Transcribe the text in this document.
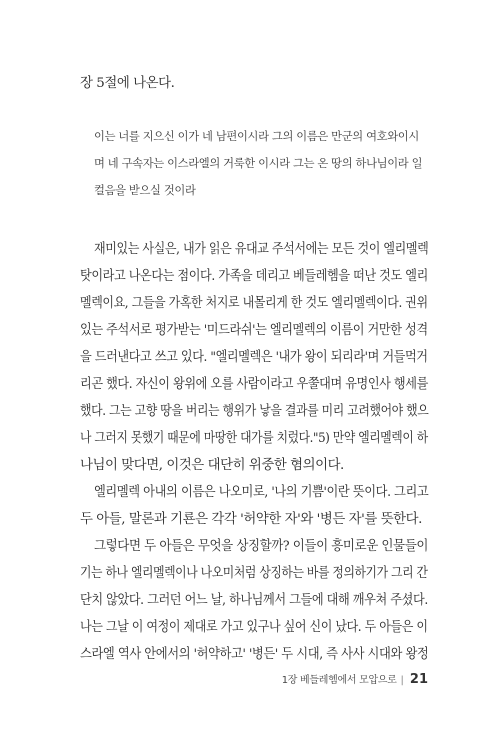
장 5절에 나온다.

이는 너를 지으신 이가 네 남편이시라 그의 이름은 만군의 여호와이시

며 네 구속자는 이스라엘의 거룩한 이시라 그는 온 땅의 하나님이라 일

컬음을 받으실 것이라

재미있는 사실은, 내가 읽은 유대교 주석서에는 모든 것이 엘리멜렉

탓이라고 나온다는 점이다. 가족을 데리고 베들레헴을 떠난 것도 엘리

멜렉이요, 그들을 가혹한 처지로 내몰리게 한 것도 엘리멜렉이다. 권위

있는 주석서로 평가받는 '미드라쉬'는 엘리멜렉의 이름이 거만한 성격

을 드러낸다고 쓰고 있다. "엘리멜렉은 '내가 왕이 되리라'며 거들먹거

리곤 했다. 자신이 왕위에 오를 사람이라고 우쭐대며 유명인사 행세를

했다. 그는 고향 땅을 버리는 행위가 낳을 결과를 미리 고려했어야 했으

나 그러지 못했기 때문에 마땅한 대가를 치렀다."5) 만약 엘리멜렉이 하

나님이 맞다면, 이것은 대단히 위중한 혐의이다.

엘리멜렉 아내의 이름은 나오미로, '나의 기쁨'이란 뜻이다. 그리고

두 아들, 말론과 기룐은 각각 '허약한 자'와 '병든 자'를 뜻한다.

그렇다면 두 아들은 무엇을 상징할까? 이들이 흥미로운 인물들이

기는 하나 엘리멜렉이나 나오미처럼 상징하는 바를 정의하기가 그리 간

단치 않았다. 그러던 어느 날, 하나님께서 그들에 대해 깨우쳐 주셨다.

나는 그날 이 여정이 제대로 가고 있구나 싶어 신이 났다. 두 아들은 이

스라엘 역사 안에서의 '허약하고' '병든' 두 시대, 즉 사사 시대와 왕정

1장 베들레헴에서 모압으로 | 21
